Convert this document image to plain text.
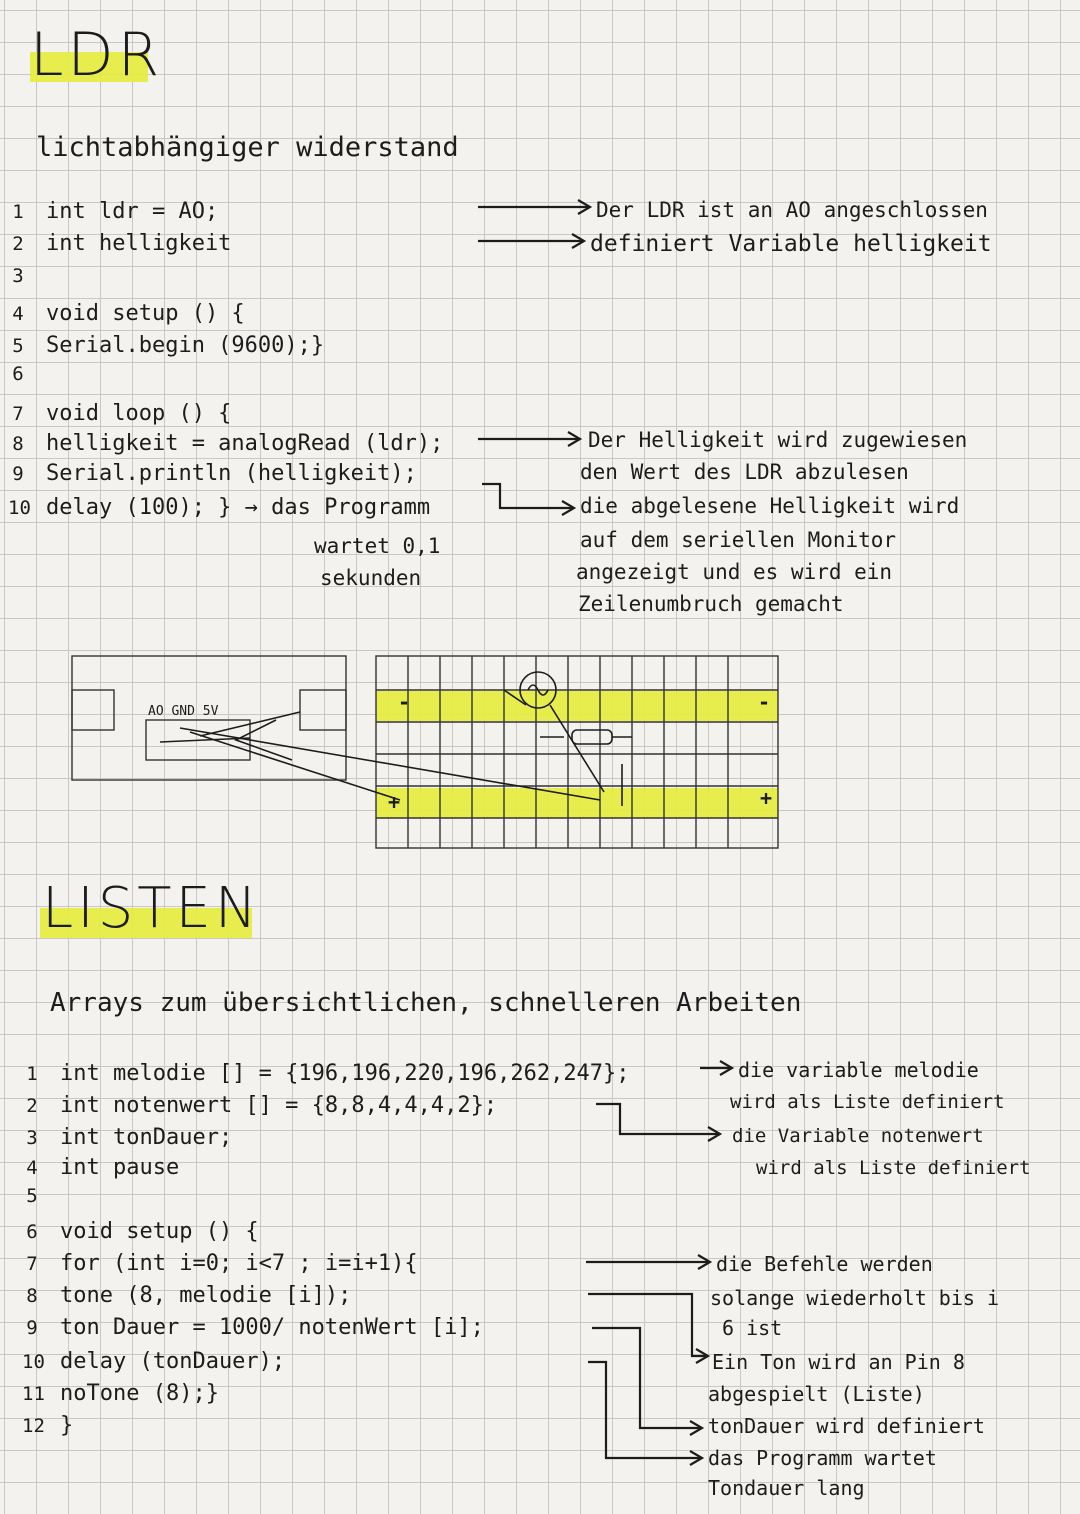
LDR
lichtabhängiger widerstand
1 int ldr = AO;
2 int helligkeit
3
4 void setup () {
5 Serial.begin (9600);}
6
7 void loop () {
8 helligkeit = analogRead (ldr);
9 Serial.println (helligkeit);
10 delay (100); } → das Programm
wartet 0,1
sekunden
Der LDR ist an AO angeschlossen
definiert Variable helligkeit
Der Helligkeit wird zugewiesen
den Wert des LDR abzulesen
die abgelesene Helligkeit wird
auf dem seriellen Monitor
angezeigt und es wird ein
Zeilenumbruch gemacht
AO GND 5V	-	-
+	+
LISTEN
Arrays zum übersichtlichen, schnelleren Arbeiten
1 int melodie [] = {196,196,220,196,262,247};
2 int notenwert [] = {8,8,4,4,4,2};
3 int tonDauer;
4 int pause
5
6 void setup () {
7 for (int i=0; i<7 ; i=i+1){
8 tone (8, melodie [i]);
9 ton Dauer = 1000/ notenWert [i];
10 delay (tonDauer);
11 noTone (8);}
12 }
die variable melodie
wird als Liste definiert
die Variable notenwert
wird als Liste definiert
die Befehle werden
solange wiederholt bis i
6 ist
Ein Ton wird an Pin 8
abgespielt (Liste)
tonDauer wird definiert
das Programm wartet
Tondauer lang
